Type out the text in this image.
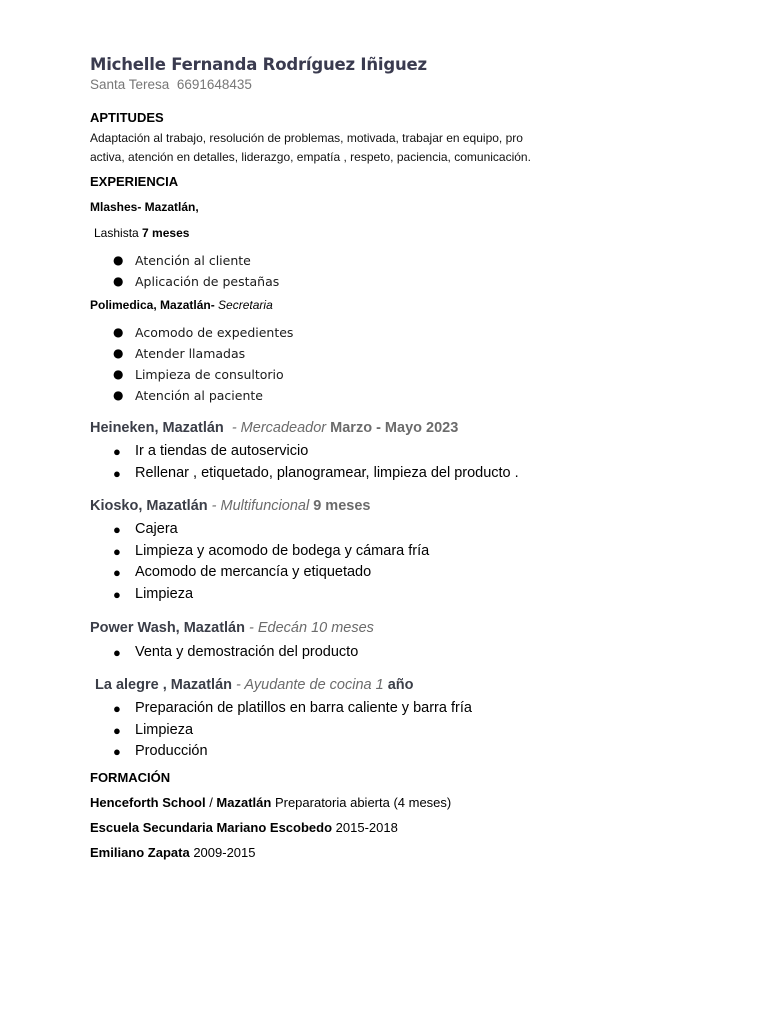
Michelle Fernanda Rodríguez Iñiguez
Santa Teresa 6691648435
APTITUDES
Adaptación al trabajo, resolución de problemas, motivada, trabajar en equipo, pro
activa, atención en detalles, liderazgo, empatía , respeto, paciencia, comunicación.
EXPERIENCIA
Mlashes- Mazatlán,
Lashista 7 meses
● Atención al cliente
● Aplicación de pestañas
Polimedica, Mazatlán- Secretaria
● Acomodo de expedientes
● Atender llamadas
● Limpieza de consultorio
● Atención al paciente
Heineken, Mazatlán  - Mercadeador Marzo - Mayo 2023
● Ir a tiendas de autoservicio
● Rellenar , etiquetado, planogramear, limpieza del producto .
Kiosko, Mazatlán - Multifuncional 9 meses
● Cajera
● Limpieza y acomodo de bodega y cámara fría
● Acomodo de mercancía y etiquetado
● Limpieza
Power Wash, Mazatlán - Edecán 10 meses
● Venta y demostración del producto
La alegre , Mazatlán - Ayudante de cocina 1 año
● Preparación de platillos en barra caliente y barra fría
● Limpieza
● Producción
FORMACIÓN
Henceforth School / Mazatlán Preparatoria abierta (4 meses)
Escuela Secundaria Mariano Escobedo 2015-2018
Emiliano Zapata 2009-2015
